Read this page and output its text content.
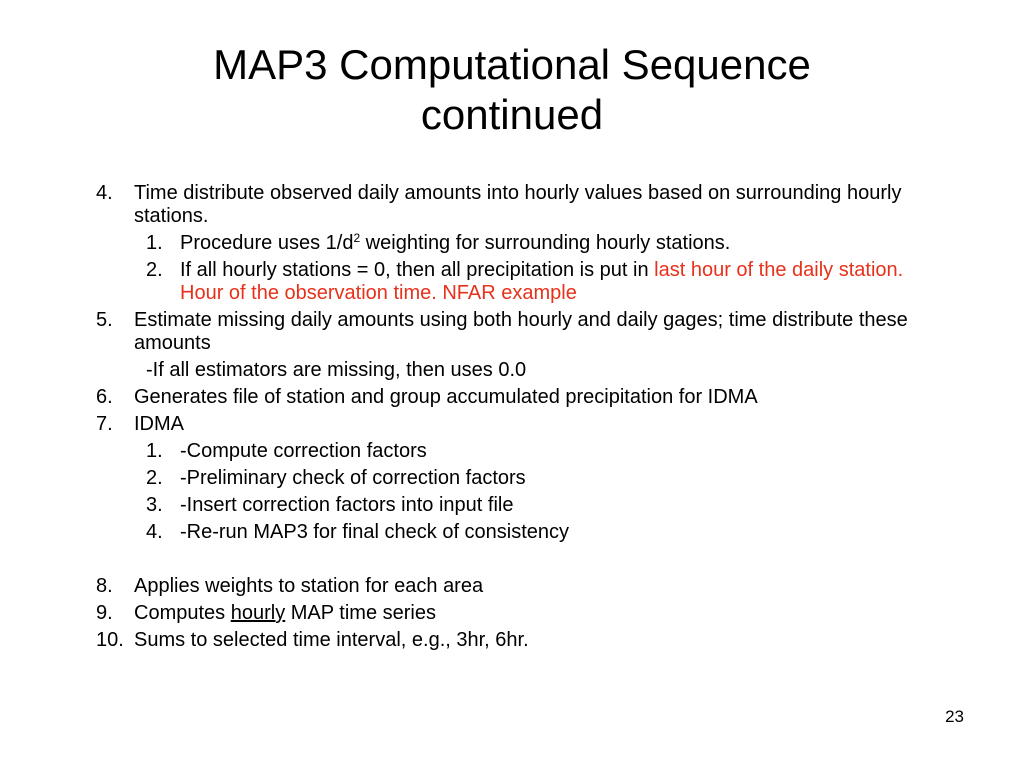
MAP3 Computational Sequence
continued
4. Time distribute observed daily amounts into hourly values based on surrounding hourly stations.
1. Procedure uses $1/d^2$ weighting for surrounding hourly stations.
2. If all hourly stations = 0, then all precipitation is put in last hour of the daily station. Hour of the observation time. NFAR example
5. Estimate missing daily amounts using both hourly and daily gages; time distribute these amounts
-If all estimators are missing, then uses 0.0
6. Generates file of station and group accumulated precipitation for IDMA
7. IDMA
1. -Compute correction factors
2. -Preliminary check of correction factors
3. -Insert correction factors into input file
4. -Re-run MAP3 for final check of consistency
8. Applies weights to station for each area
9. Computes hourly MAP time series
10. Sums to selected time interval, e.g., 3hr, 6hr.
23
